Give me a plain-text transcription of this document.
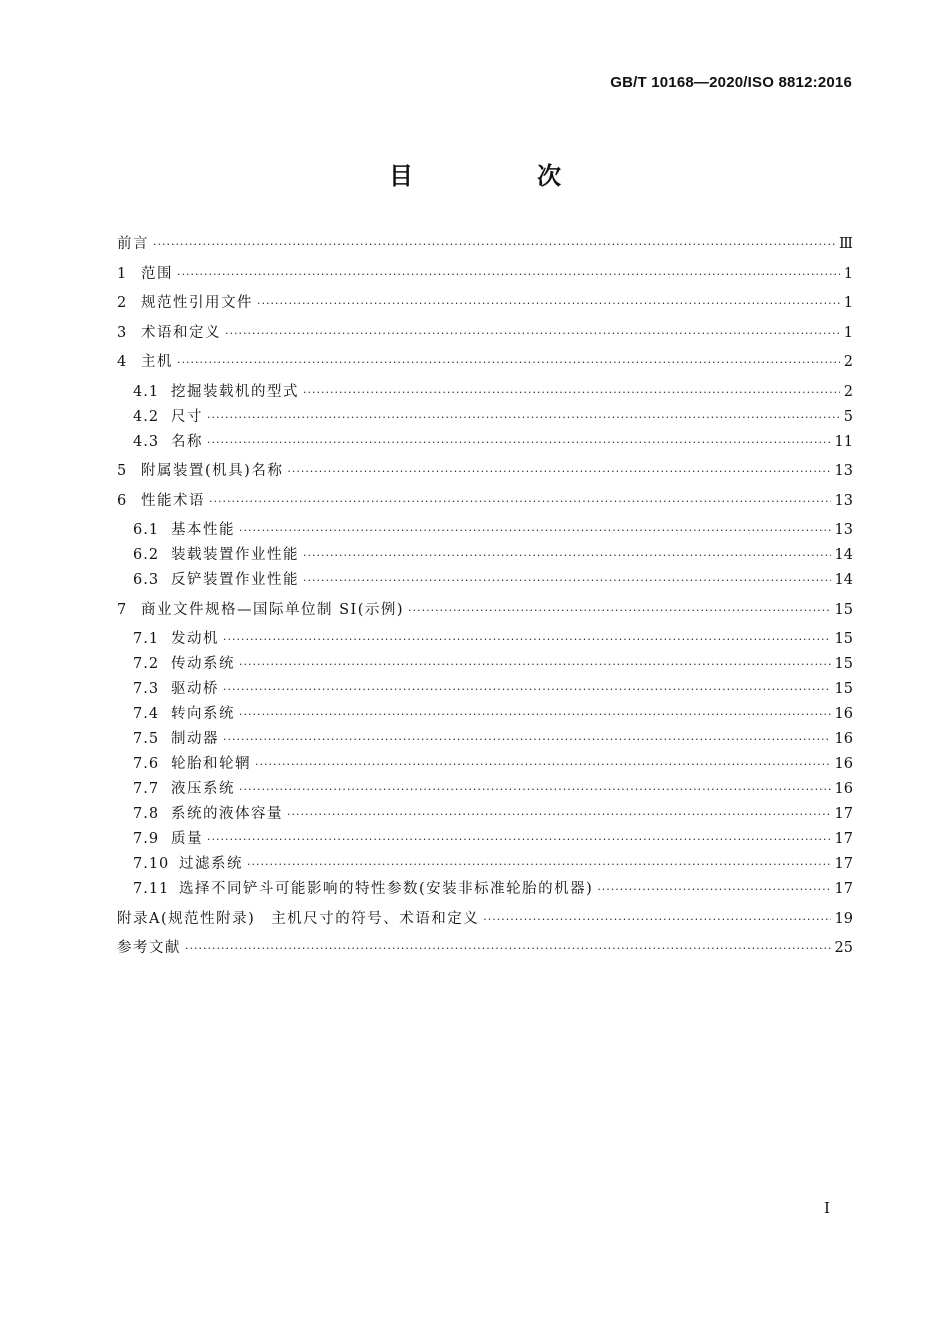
GB/T 10168—2020/ISO 8812:2016
目　次
前言 ·····	Ⅲ
1	范围 ·····	1
2	规范性引用文件 ·····	1
3	术语和定义 ·····	1
4	主机 ·····	2
4.1 挖掘装载机的型式 ·····	2
4.2 尺寸 ·····	5
4.3 名称 ·····	11
5	附属装置(机具)名称 ·····	13
6	性能术语 ·····	13
6.1 基本性能 ·····	13
6.2 装载装置作业性能 ·····	14
6.3 反铲装置作业性能 ·····	14
7	商业文件规格—国际单位制 SI(示例) ·····	15
7.1 发动机 ·····	15
7.2 传动系统 ·····	15
7.3 驱动桥 ·····	15
7.4 转向系统 ·····	16
7.5 制动器 ·····	16
7.6 轮胎和轮辋 ·····	16
7.7 液压系统 ·····	16
7.8 系统的液体容量 ·····	17
7.9 质量 ·····	17
7.10 过滤系统 ·····	17
7.11 选择不同铲斗可能影响的特性参数(安装非标准轮胎的机器) ·····	17
附录A(规范性附录)　主机尺寸的符号、术语和定义 ·····	19
参考文献 ·····	25
I
